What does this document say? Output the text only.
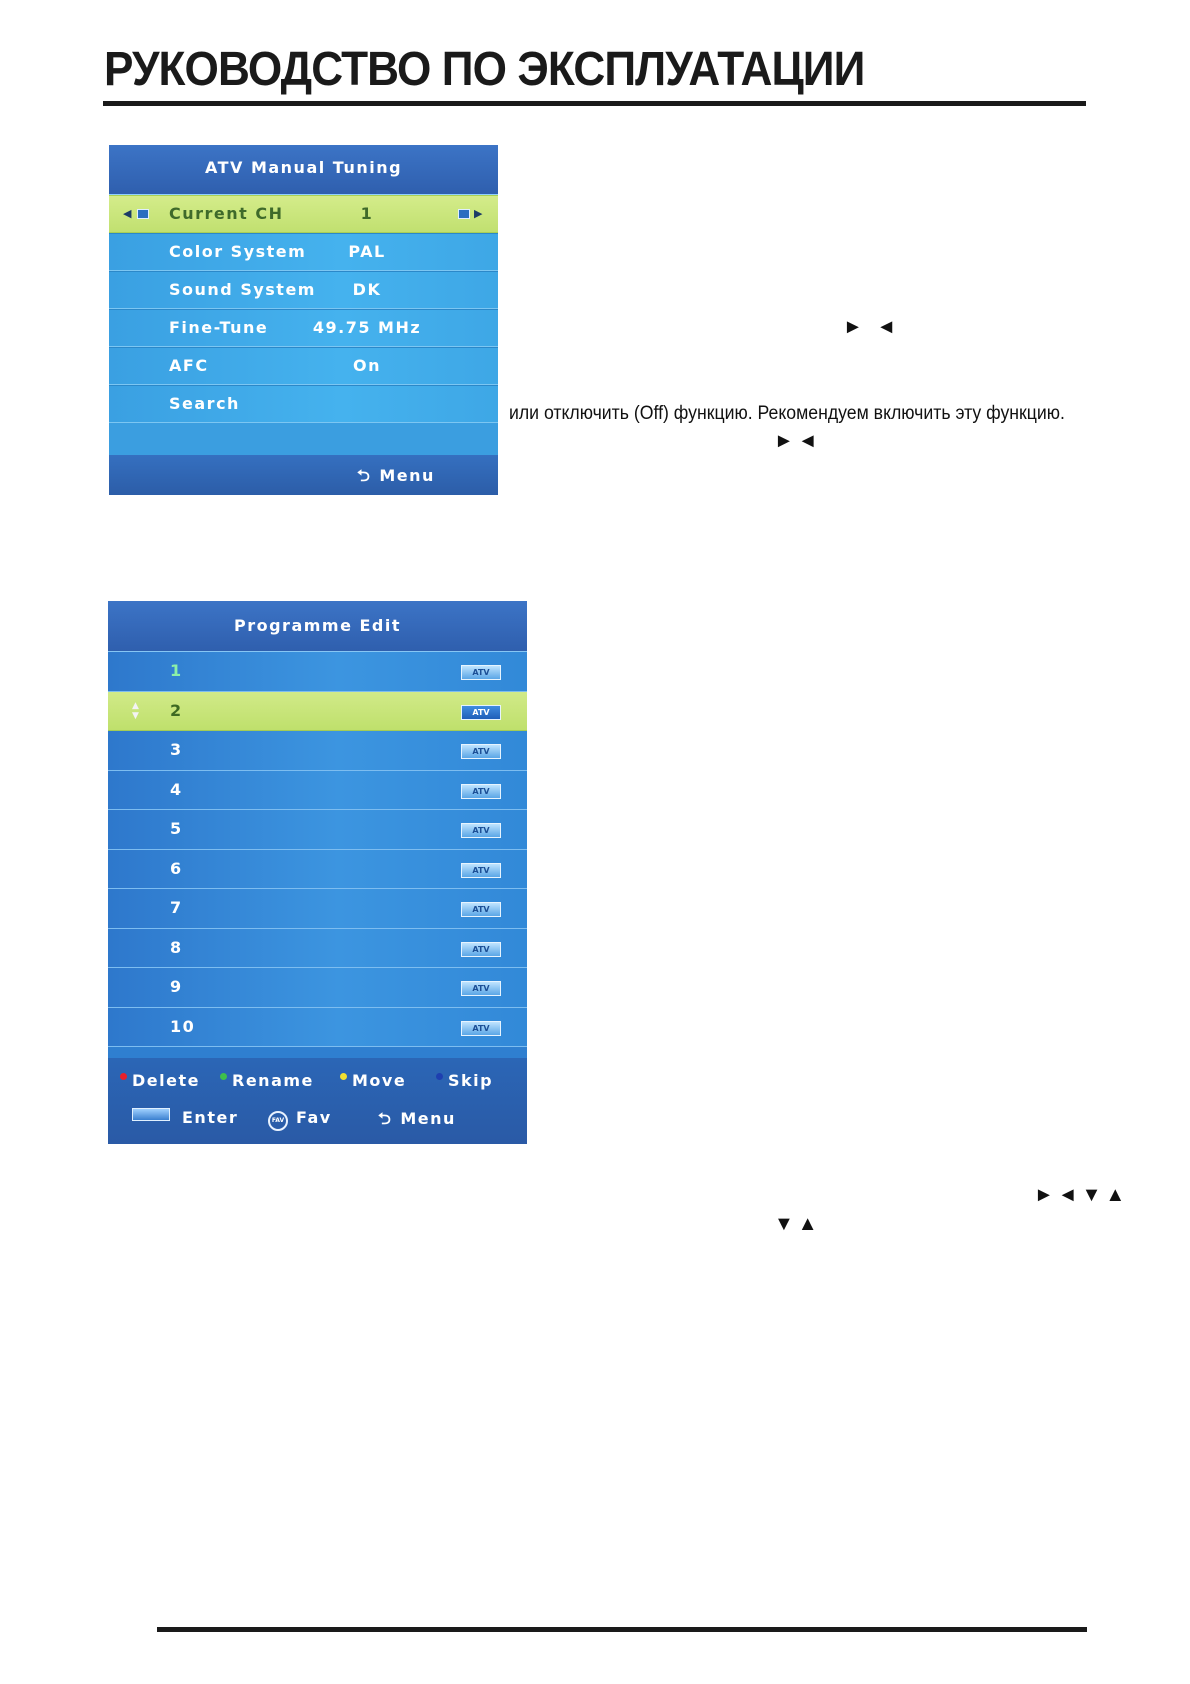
РУКОВОДСТВО ПО ЭКСПЛУАТАЦИИ
ATV Manual Tuning
◀	Current CH	1	▶
Color System	PAL
Sound System DK
Fine-Tune	49.75 MHz
AFC	On
Search
⮌ Menu
► ◄
или отключить (Off) функцию. Рекомендуем включить эту функцию.
►◄
Programme Edit
1	ATV
▲
▼ 2	ATV
3	ATV
4	ATV
5	ATV
6	ATV
7	ATV
8	ATV
9	ATV
10	ATV
Delete	Rename	Move	Skip
Enter	FAV Fav	⮌ Menu
►◄▼▲
▼▲
